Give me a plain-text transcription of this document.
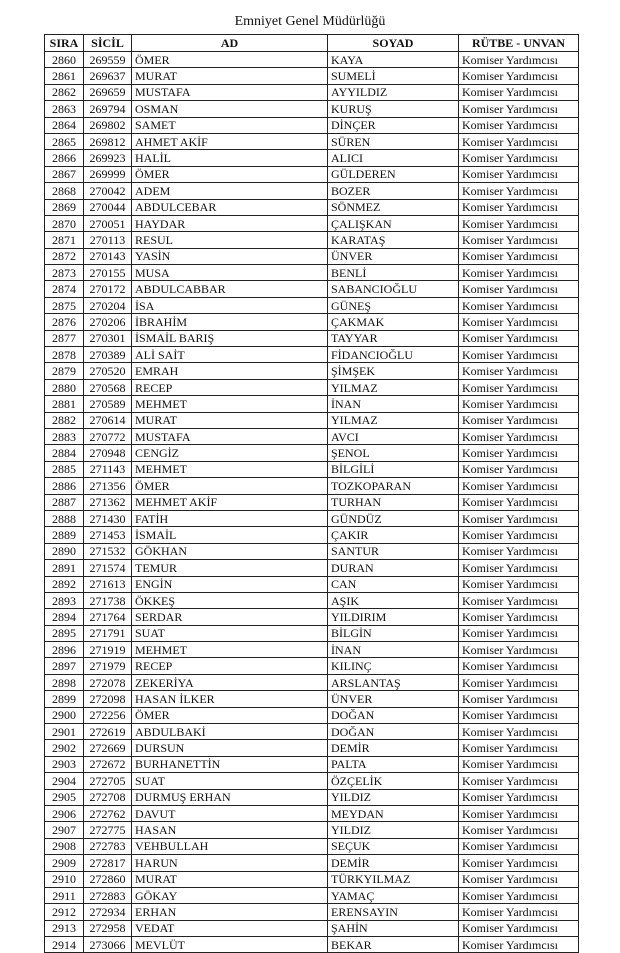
Emniyet Genel Müdürlüğü
SIRA	SİCİL	AD	SOYAD	RÜTBE - UNVAN
2860	269559	ÖMER	KAYA	Komiser Yardımcısı
2861	269637	MURAT	SUMELİ	Komiser Yardımcısı
2862	269659	MUSTAFA	AYYILDIZ	Komiser Yardımcısı
2863	269794	OSMAN	KURUŞ	Komiser Yardımcısı
2864	269802	SAMET	DİNÇER	Komiser Yardımcısı
2865	269812	AHMET AKİF	SÜREN	Komiser Yardımcısı
2866	269923	HALİL	ALICI	Komiser Yardımcısı
2867	269999	ÖMER	GÜLDEREN	Komiser Yardımcısı
2868	270042	ADEM	BOZER	Komiser Yardımcısı
2869	270044	ABDULCEBAR	SÖNMEZ	Komiser Yardımcısı
2870	270051	HAYDAR	ÇALIŞKAN	Komiser Yardımcısı
2871	270113	RESUL	KARATAŞ	Komiser Yardımcısı
2872	270143	YASİN	ÜNVER	Komiser Yardımcısı
2873	270155	MUSA	BENLİ	Komiser Yardımcısı
2874	270172	ABDULCABBAR	SABANCIOĞLU	Komiser Yardımcısı
2875	270204	İSA	GÜNEŞ	Komiser Yardımcısı
2876	270206	İBRAHİM	ÇAKMAK	Komiser Yardımcısı
2877	270301	İSMAİL BARIŞ	TAYYAR	Komiser Yardımcısı
2878	270389	ALİ SAİT	FİDANCIOĞLU	Komiser Yardımcısı
2879	270520	EMRAH	ŞİMŞEK	Komiser Yardımcısı
2880	270568	RECEP	YILMAZ	Komiser Yardımcısı
2881	270589	MEHMET	İNAN	Komiser Yardımcısı
2882	270614	MURAT	YILMAZ	Komiser Yardımcısı
2883	270772	MUSTAFA	AVCI	Komiser Yardımcısı
2884	270948	CENGİZ	ŞENOL	Komiser Yardımcısı
2885	271143	MEHMET	BİLGİLİ	Komiser Yardımcısı
2886	271356	ÖMER	TOZKOPARAN	Komiser Yardımcısı
2887	271362	MEHMET AKİF	TURHAN	Komiser Yardımcısı
2888	271430	FATİH	GÜNDÜZ	Komiser Yardımcısı
2889	271453	İSMAİL	ÇAKIR	Komiser Yardımcısı
2890	271532	GÖKHAN	SANTUR	Komiser Yardımcısı
2891	271574	TEMUR	DURAN	Komiser Yardımcısı
2892	271613	ENGİN	CAN	Komiser Yardımcısı
2893	271738	ÖKKEŞ	AŞIK	Komiser Yardımcısı
2894	271764	SERDAR	YILDIRIM	Komiser Yardımcısı
2895	271791	SUAT	BİLGİN	Komiser Yardımcısı
2896	271919	MEHMET	İNAN	Komiser Yardımcısı
2897	271979	RECEP	KILINÇ	Komiser Yardımcısı
2898	272078	ZEKERİYA	ARSLANTAŞ	Komiser Yardımcısı
2899	272098	HASAN İLKER	ÜNVER	Komiser Yardımcısı
2900	272256	ÖMER	DOĞAN	Komiser Yardımcısı
2901	272619	ABDULBAKİ	DOĞAN	Komiser Yardımcısı
2902	272669	DURSUN	DEMİR	Komiser Yardımcısı
2903	272672	BURHANETTİN	PALTA	Komiser Yardımcısı
2904	272705	SUAT	ÖZÇELİK	Komiser Yardımcısı
2905	272708	DURMUŞ ERHAN	YILDIZ	Komiser Yardımcısı
2906	272762	DAVUT	MEYDAN	Komiser Yardımcısı
2907	272775	HASAN	YILDIZ	Komiser Yardımcısı
2908	272783	VEHBULLAH	SEÇUK	Komiser Yardımcısı
2909	272817	HARUN	DEMİR	Komiser Yardımcısı
2910	272860	MURAT	TÜRKYILMAZ	Komiser Yardımcısı
2911	272883	GÖKAY	YAMAÇ	Komiser Yardımcısı
2912	272934	ERHAN	ERENSAYIN	Komiser Yardımcısı
2913	272958	VEDAT	ŞAHİN	Komiser Yardımcısı
2914	273066	MEVLÜT	BEKAR	Komiser Yardımcısı
